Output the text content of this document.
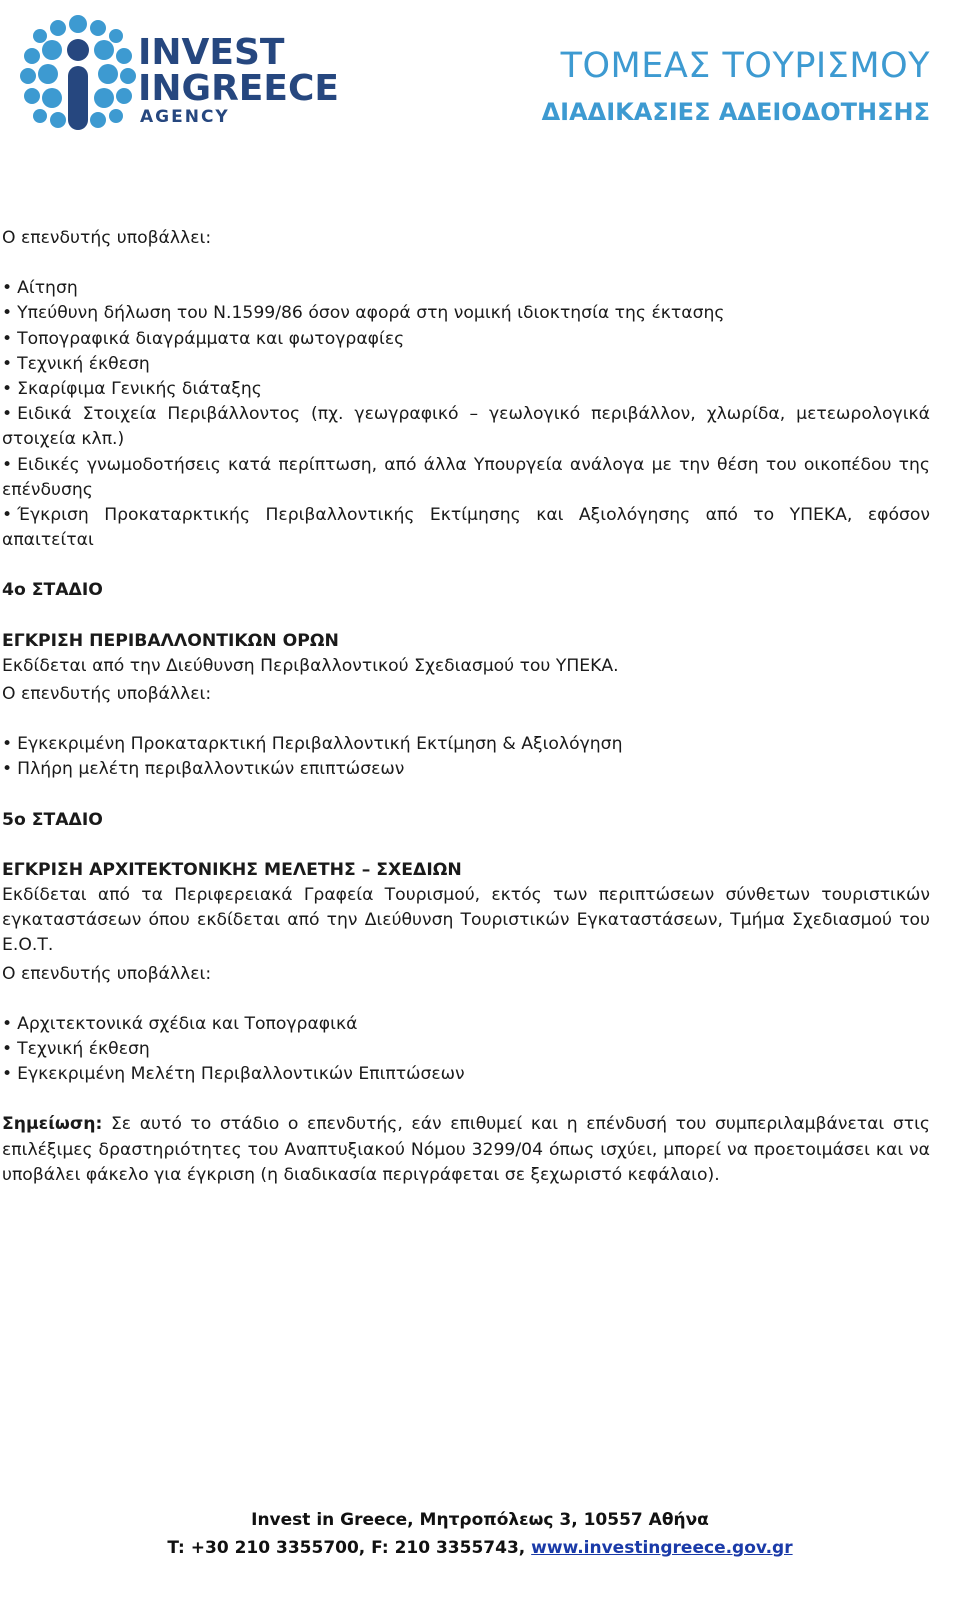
INVEST
INGREECE
AGENCY
ΤΟΜΕΑΣ ΤΟΥΡΙΣΜΟΥ
ΔΙΑΔΙΚΑΣΙΕΣ ΑΔΕΙΟΔΟΤΗΣΗΣ

Ο επενδυτής υποβάλλει:

• Αίτηση
• Υπεύθυνη δήλωση του Ν.1599/86 όσον αφορά στη νομική ιδιοκτησία της έκτασης
• Τοπογραφικά διαγράμματα και φωτογραφίες
• Τεχνική έκθεση
• Σκαρίφιμα Γενικής διάταξης
• Ειδικά Στοιχεία Περιβάλλοντος (πχ. γεωγραφικό – γεωλογικό περιβάλλον, χλωρίδα, μετεωρολογικά στοιχεία κλπ.)
• Ειδικές γνωμοδοτήσεις κατά περίπτωση, από άλλα Υπουργεία ανάλογα με την θέση του οικοπέδου της επένδυσης
• Έγκριση Προκαταρκτικής Περιβαλλοντικής Εκτίμησης και Αξιολόγησης από το ΥΠΕΚΑ, εφόσον απαιτείται

4ο ΣΤΑΔΙΟ

ΕΓΚΡΙΣΗ ΠΕΡΙΒΑΛΛΟΝΤΙΚΩΝ ΟΡΩΝ

Εκδίδεται από την Διεύθυνση Περιβαλλοντικού Σχεδιασμού του ΥΠΕΚΑ.

Ο επενδυτής υποβάλλει:

• Εγκεκριμένη Προκαταρκτική Περιβαλλοντική Εκτίμηση & Αξιολόγηση
• Πλήρη μελέτη περιβαλλοντικών επιπτώσεων

5ο ΣΤΑΔΙΟ

ΕΓΚΡΙΣΗ ΑΡΧΙΤΕΚΤΟΝΙΚΗΣ ΜΕΛΕΤΗΣ – ΣΧΕΔΙΩΝ

Εκδίδεται από τα Περιφερειακά Γραφεία Τουρισμού, εκτός των περιπτώσεων σύνθετων τουριστικών εγκαταστάσεων όπου εκδίδεται από την Διεύθυνση Τουριστικών Εγκαταστάσεων, Τμήμα Σχεδιασμού του Ε.Ο.Τ.

Ο επενδυτής υποβάλλει:

• Αρχιτεκτονικά σχέδια και Τοπογραφικά
• Τεχνική έκθεση
• Εγκεκριμένη Μελέτη Περιβαλλοντικών Επιπτώσεων

Σημείωση: Σε αυτό το στάδιο ο επενδυτής, εάν επιθυμεί και η επένδυσή του συμπεριλαμβάνεται στις επιλέξιμες δραστηριότητες του Αναπτυξιακού Νόμου 3299/04 όπως ισχύει, μπορεί να προετοιμάσει και να υποβάλει φάκελο για έγκριση (η διαδικασία περιγράφεται σε ξεχωριστό κεφάλαιο).

Invest in Greece, Μητροπόλεως 3, 10557 Αθήνα
T: +30 210 3355700, F: 210 3355743, www.investingreece.gov.gr
